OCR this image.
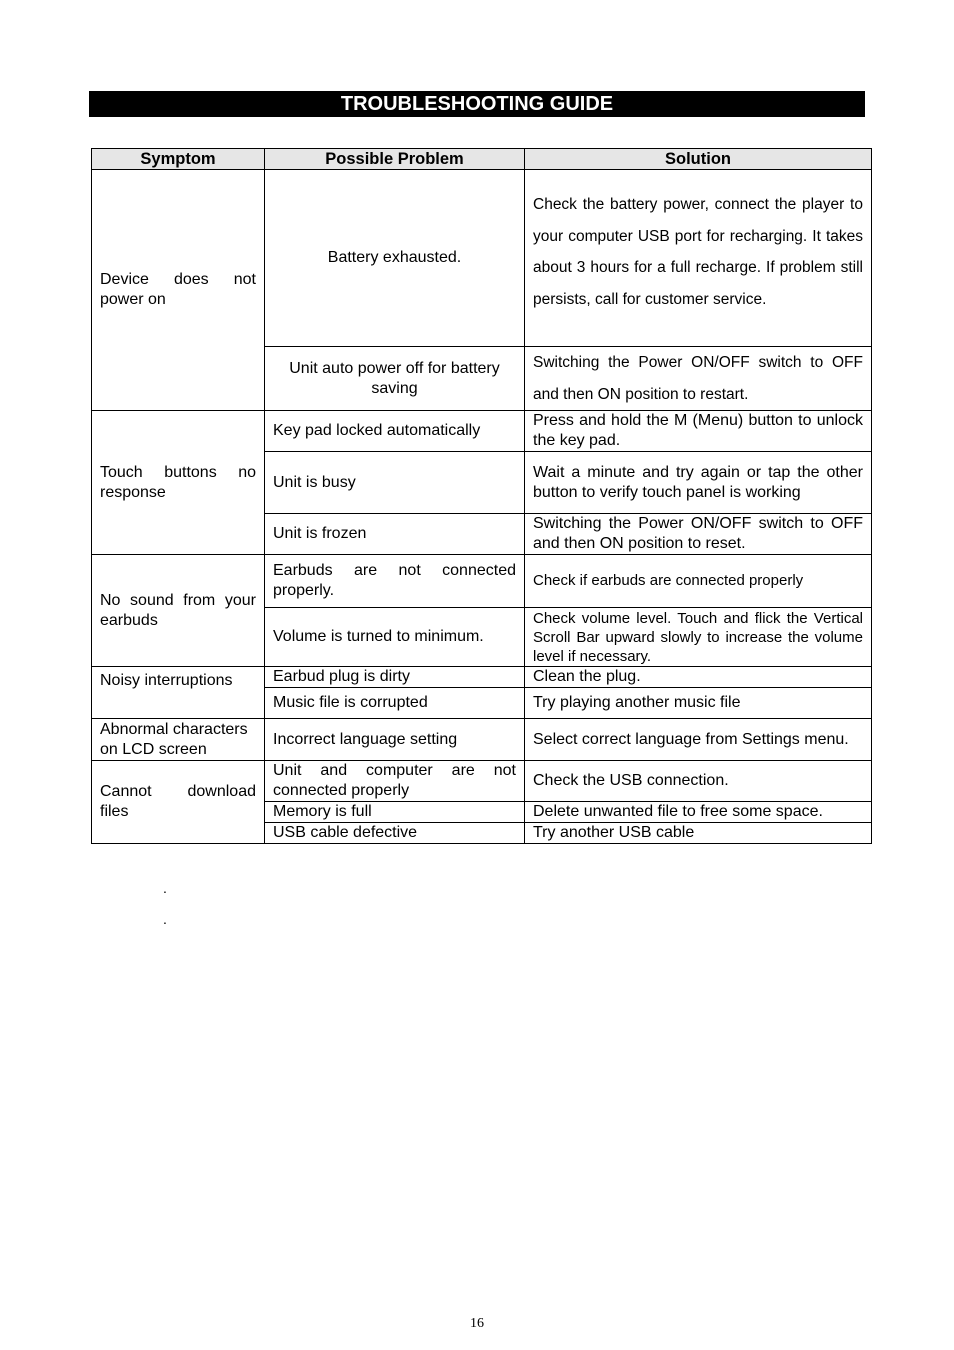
TROUBLESHOOTING GUIDE
Symptom	Possible Problem	Solution
Device does not power on	Battery exhausted.	Check the battery power, connect the player to your computer USB port for recharging. It takes about 3 hours for a full recharge. If problem still persists, call for customer service.
	Unit auto power off for battery saving	Switching the Power ON/OFF switch to OFF and then ON position to restart.
Touch buttons no response	Key pad locked automatically	Press and hold the M (Menu) button to unlock the key pad.
	Unit is busy	Wait a minute and try again or tap the other button to verify touch panel is working
	Unit is frozen	Switching the Power ON/OFF switch to OFF and then ON position to reset.
No sound from your earbuds	Earbuds are not connected properly.	Check if earbuds are connected properly
	Volume is turned to minimum.	Check volume level. Touch and flick the Vertical Scroll Bar upward slowly to increase the volume level if necessary.
Noisy interruptions	Earbud plug is dirty	Clean the plug.
	Music file is corrupted	Try playing another music file
Abnormal characters on LCD screen	Incorrect language setting	Select correct language from Settings menu.
Cannot download files	Unit and computer are not connected properly	Check the USB connection.
	Memory is full	Delete unwanted file to free some space.
	USB cable defective	Try another USB cable
.
.
16
